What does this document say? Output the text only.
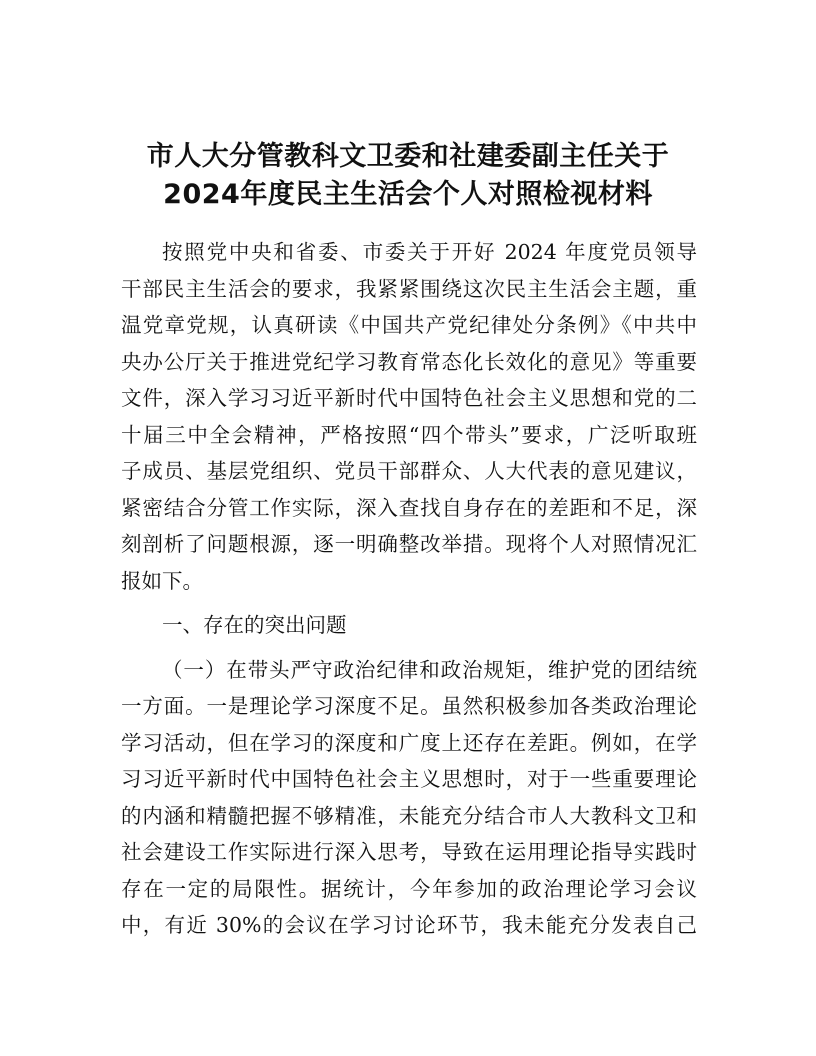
市人大分管教科文卫委和社建委副主任关于
2024年度民主生活会个人对照检视材料
按照党中央和省委、市委关于开好 2024 年度党员领导
干部民主生活会的要求，我紧紧围绕这次民主生活会主题，重
温党章党规，认真研读《中国共产党纪律处分条例》《中共中
央办公厅关于推进党纪学习教育常态化长效化的意见》等重要
文件，深入学习习近平新时代中国特色社会主义思想和党的二
十届三中全会精神，严格按照“四个带头”要求，广泛听取班
子成员、基层党组织、党员干部群众、人大代表的意见建议，
紧密结合分管工作实际，深入查找自身存在的差距和不足，深
刻剖析了问题根源，逐一明确整改举措。现将个人对照情况汇
报如下。
一、存在的突出问题
（一）在带头严守政治纪律和政治规矩，维护党的团结统
一方面。一是理论学习深度不足。虽然积极参加各类政治理论
学习活动，但在学习的深度和广度上还存在差距。例如，在学
习习近平新时代中国特色社会主义思想时，对于一些重要理论
的内涵和精髓把握不够精准，未能充分结合市人大教科文卫和
社会建设工作实际进行深入思考，导致在运用理论指导实践时
存在一定的局限性。据统计，今年参加的政治理论学习会议
中，有近 30%的会议在学习讨论环节，我未能充分发表自己
